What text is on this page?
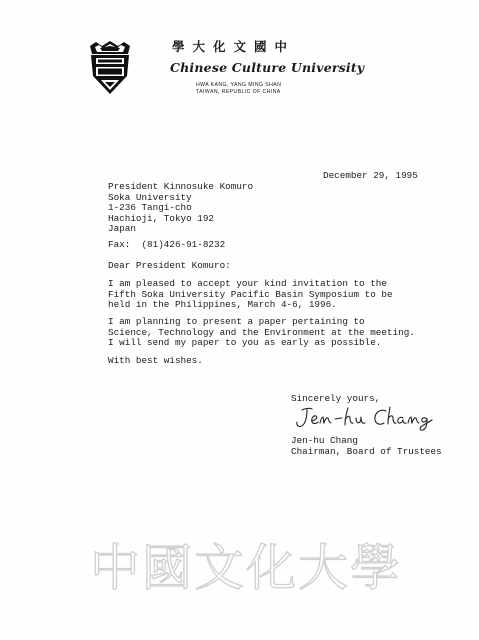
學大化文國中
Chinese Culture University
HWA KANG, YANG MING SHAN
TAIWAN, REPUBLIC OF CHINA
December 29, 1995
President Kinnosuke Komuro
Soka University
1-236 Tangi-cho
Hachioji, Tokyo 192
Japan
Fax:  (81)426-91-8232
Dear President Komuro:
I am pleased to accept your kind invitation to the
Fifth Soka University Pacific Basin Symposium to be
held in the Philippines, March 4-6, 1996.
I am planning to present a paper pertaining to
Science, Technology and the Environment at the meeting.
I will send my paper to you as early as possible.
With best wishes.
Sincerely yours,
Jen-hu Chang
Chairman, Board of Trustees
中國文化大學
